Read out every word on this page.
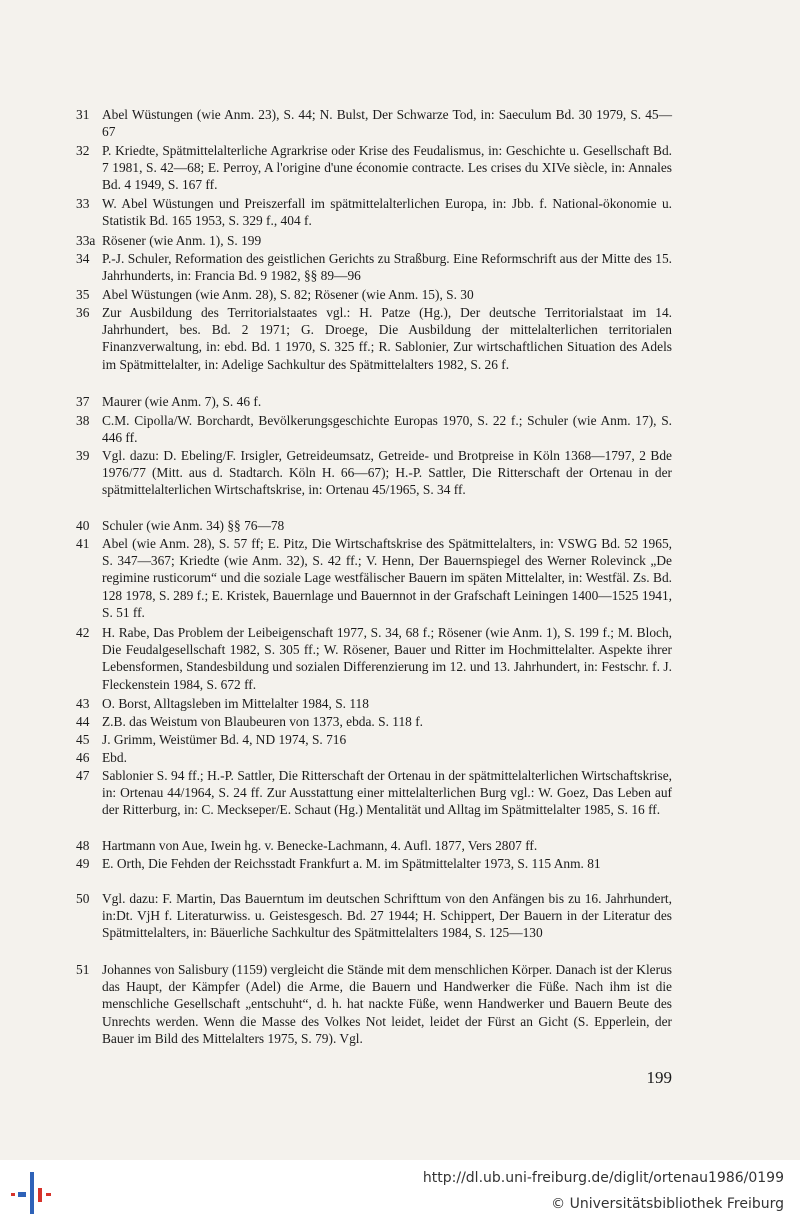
31 Abel Wüstungen (wie Anm. 23), S. 44; N. Bulst, Der Schwarze Tod, in: Saeculum Bd. 30 1979, S. 45—67
32 P. Kriedte, Spätmittelalterliche Agrarkrise oder Krise des Feudalismus, in: Geschichte u. Gesellschaft Bd. 7 1981, S. 42—68; E. Perroy, A l'origine d'une économie contracte. Les crises du XIVe siècle, in: Annales Bd. 4 1949, S. 167 ff.
33 W. Abel Wüstungen und Preiszerfall im spätmittelalterlichen Europa, in: Jbb. f. National-ökonomie u. Statistik Bd. 165 1953, S. 329 f., 404 f.
33a Rösener (wie Anm. 1), S. 199
34 P.-J. Schuler, Reformation des geistlichen Gerichts zu Straßburg. Eine Reformschrift aus der Mitte des 15. Jahrhunderts, in: Francia Bd. 9 1982, §§ 89—96
35 Abel Wüstungen (wie Anm. 28), S. 82; Rösener (wie Anm. 15), S. 30
36 Zur Ausbildung des Territorialstaates vgl.: H. Patze (Hg.), Der deutsche Territorialstaat im 14. Jahrhundert, bes. Bd. 2 1971; G. Droege, Die Ausbildung der mittelalterlichen territorialen Finanzverwaltung, in: ebd. Bd. 1 1970, S. 325 ff.; R. Sablonier, Zur wirtschaftlichen Situation des Adels im Spätmittelalter, in: Adelige Sachkultur des Spätmittelalters 1982, S. 26 f.
37 Maurer (wie Anm. 7), S. 46 f.
38 C.M. Cipolla/W. Borchardt, Bevölkerungsgeschichte Europas 1970, S. 22 f.; Schuler (wie Anm. 17), S. 446 ff.
39 Vgl. dazu: D. Ebeling/F. Irsigler, Getreideumsatz, Getreide- und Brotpreise in Köln 1368—1797, 2 Bde 1976/77 (Mitt. aus d. Stadtarch. Köln H. 66—67); H.-P. Sattler, Die Ritterschaft der Ortenau in der spätmittelalterlichen Wirtschaftskrise, in: Ortenau 45/1965, S. 34 ff.
40 Schuler (wie Anm. 34) §§ 76—78
41 Abel (wie Anm. 28), S. 57 ff; E. Pitz, Die Wirtschaftskrise des Spätmittelalters, in: VSWG Bd. 52 1965, S. 347—367; Kriedte (wie Anm. 32), S. 42 ff.; V. Henn, Der Bauernspiegel des Werner Rolevinck „De regimine rusticorum“ und die soziale Lage westfälischer Bauern im späten Mittelalter, in: Westfäl. Zs. Bd. 128 1978, S. 289 f.; E. Kristek, Bauernlage und Bauernnot in der Grafschaft Leiningen 1400—1525 1941, S. 51 ff.
42 H. Rabe, Das Problem der Leibeigenschaft 1977, S. 34, 68 f.; Rösener (wie Anm. 1), S. 199 f.; M. Bloch, Die Feudalgesellschaft 1982, S. 305 ff.; W. Rösener, Bauer und Ritter im Hochmittelalter. Aspekte ihrer Lebensformen, Standesbildung und sozialen Differenzierung im 12. und 13. Jahrhundert, in: Festschr. f. J. Fleckenstein 1984, S. 672 ff.
43 O. Borst, Alltagsleben im Mittelalter 1984, S. 118
44 Z.B. das Weistum von Blaubeuren von 1373, ebda. S. 118 f.
45 J. Grimm, Weistümer Bd. 4, ND 1974, S. 716
46 Ebd.
47 Sablonier S. 94 ff.; H.-P. Sattler, Die Ritterschaft der Ortenau in der spätmittelalterlichen Wirtschaftskrise, in: Ortenau 44/1964, S. 24 ff. Zur Ausstattung einer mittelalterlichen Burg vgl.: W. Goez, Das Leben auf der Ritterburg, in: C. Meckseper/E. Schaut (Hg.) Mentalität und Alltag im Spätmittelalter 1985, S. 16 ff.
48 Hartmann von Aue, Iwein hg. v. Benecke-Lachmann, 4. Aufl. 1877, Vers 2807 ff.
49 E. Orth, Die Fehden der Reichsstadt Frankfurt a. M. im Spätmittelalter 1973, S. 115 Anm. 81
50 Vgl. dazu: F. Martin, Das Bauerntum im deutschen Schrifttum von den Anfängen bis zu 16. Jahrhundert, in:Dt. VjH f. Literaturwiss. u. Geistesgesch. Bd. 27 1944; H. Schippert, Der Bauern in der Literatur des Spätmittelalters, in: Bäuerliche Sachkultur des Spätmittelalters 1984, S. 125—130
51 Johannes von Salisbury (1159) vergleicht die Stände mit dem menschlichen Körper. Danach ist der Klerus das Haupt, der Kämpfer (Adel) die Arme, die Bauern und Handwerker die Füße. Nach ihm ist die menschliche Gesellschaft „entschuht“, d. h. hat nackte Füße, wenn Handwerker und Bauern Beute des Unrechts werden. Wenn die Masse des Volkes Not leidet, leidet der Fürst an Gicht (S. Epperlein, der Bauer im Bild des Mittelalters 1975, S. 79). Vgl.
199
http://dl.ub.uni-freiburg.de/diglit/ortenau1986/0199
© Universitätsbibliothek Freiburg
